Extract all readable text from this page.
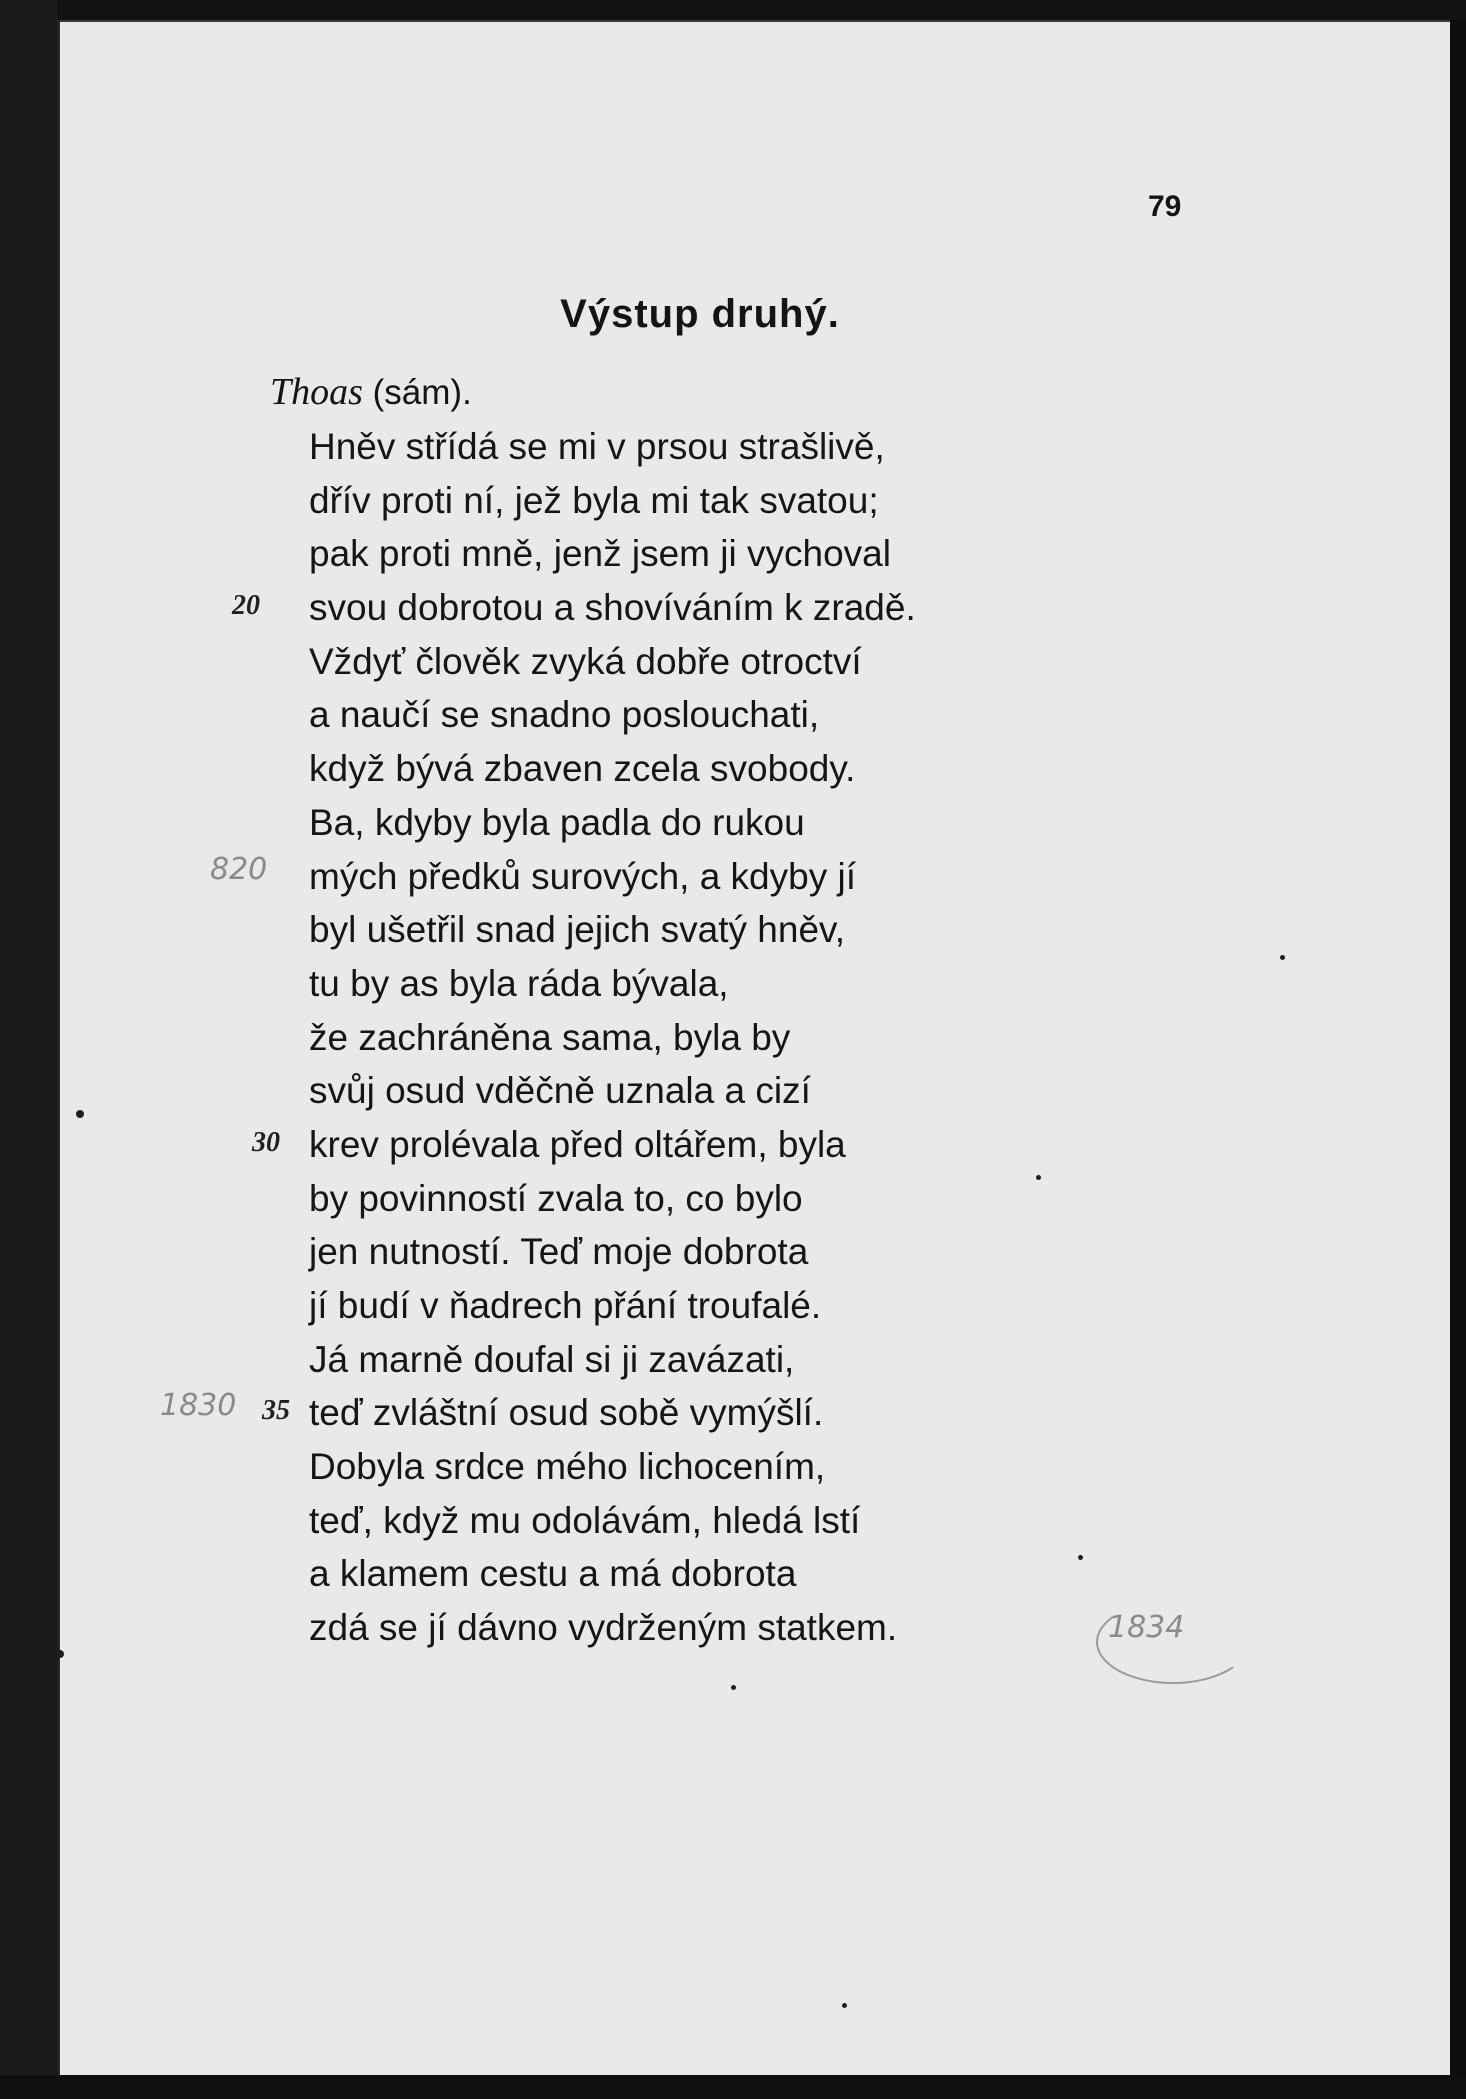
79
Výstup druhý.
Thoas (sám).
Hněv střídá se mi v prsou strašlivě,
dřív proti ní, jež byla mi tak svatou;
pak proti mně, jenž jsem ji vychoval
svou dobrotou a shovíváním k zradě.
Vždyť člověk zvyká dobře otroctví
a naučí se snadno poslouchati,
když bývá zbaven zcela svobody.
Ba, kdyby byla padla do rukou
mých předků surových, a kdyby jí
byl ušetřil snad jejich svatý hněv,
tu by as byla ráda bývala,
že zachráněna sama, byla by
svůj osud vděčně uznala a cizí
krev prolévala před oltářem, byla
by povinností zvala to, co bylo
jen nutností. Teď moje dobrota
jí budí v ňadrech přání troufalé.
Já marně doufal si ji zavázati,
teď zvláštní osud sobě vymýšlí.
Dobyla srdce mého lichocením,
teď, když mu odolávám, hledá lstí
a klamem cestu a má dobrota
zdá se jí dávno vydrženým statkem.
20
30
35
820
1830
1834
